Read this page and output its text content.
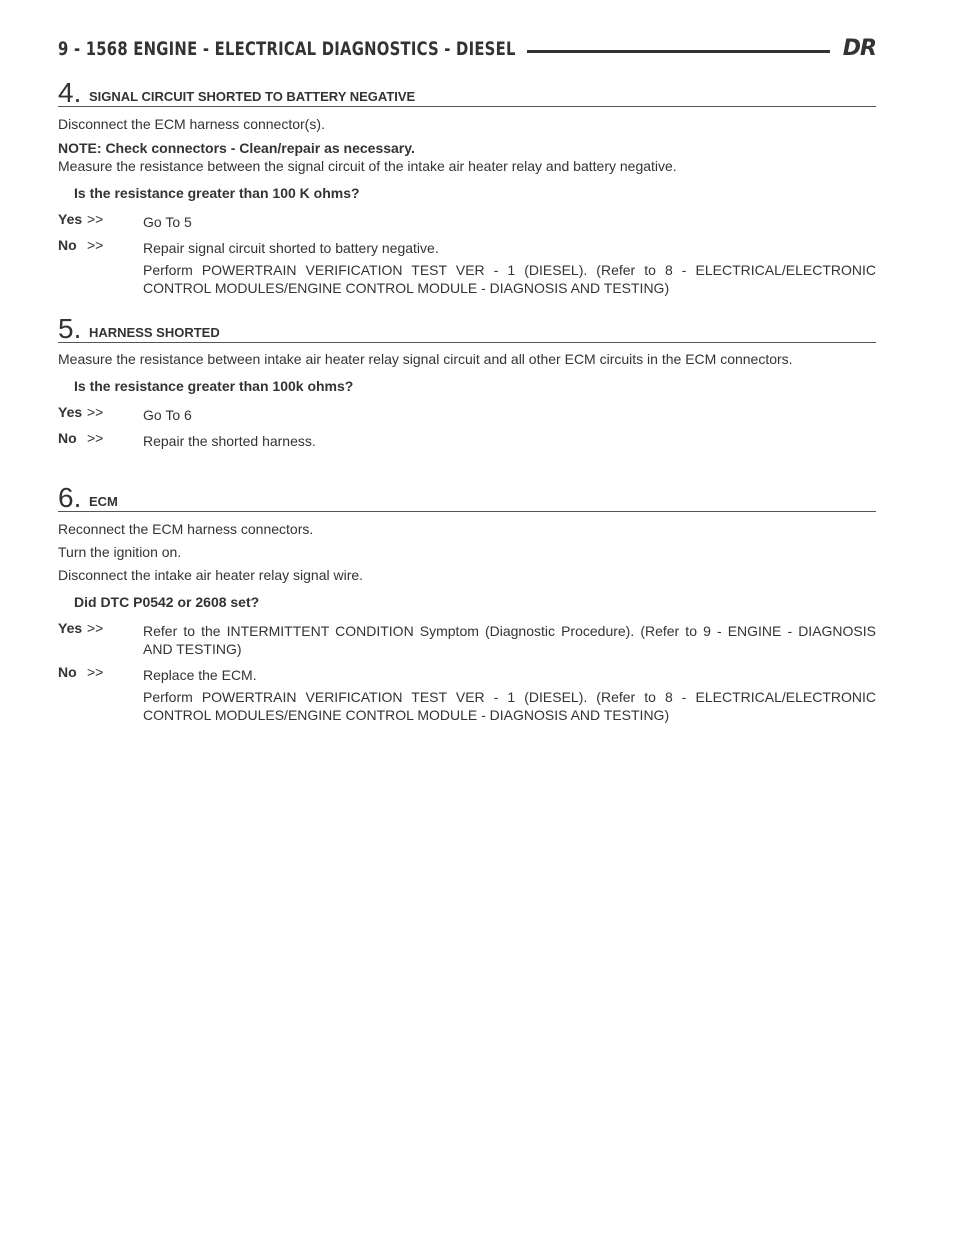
9 - 1568 ENGINE - ELECTRICAL DIAGNOSTICS - DIESEL	DR
4. SIGNAL CIRCUIT SHORTED TO BATTERY NEGATIVE

Disconnect the ECM harness connector(s).

NOTE: Check connectors - Clean/repair as necessary.

Measure the resistance between the signal circuit of the intake air heater relay and battery negative.

Is the resistance greater than 100 K ohms?
Yes >>	Go To 5
No >>	Repair signal circuit shorted to battery negative.
Perform POWERTRAIN VERIFICATION TEST VER - 1 (DIESEL). (Refer to 8 - ELECTRICAL/ELECTRONIC CONTROL MODULES/ENGINE CONTROL MODULE - DIAGNOSIS AND TESTING)
5. HARNESS SHORTED

Measure the resistance between intake air heater relay signal circuit and all other ECM circuits in the ECM connectors.

Is the resistance greater than 100k ohms?
Yes >>	Go To 6
No >>	Repair the shorted harness.
6. ECM

Reconnect the ECM harness connectors.

Turn the ignition on.

Disconnect the intake air heater relay signal wire.

Did DTC P0542 or 2608 set?
Yes >>	Refer to the INTERMITTENT CONDITION Symptom (Diagnostic Procedure). (Refer to 9 - ENGINE - DIAGNOSIS AND TESTING)
No >>	Replace the ECM.
Perform POWERTRAIN VERIFICATION TEST VER - 1 (DIESEL). (Refer to 8 - ELECTRICAL/ELECTRONIC CONTROL MODULES/ENGINE CONTROL MODULE - DIAGNOSIS AND TESTING)
